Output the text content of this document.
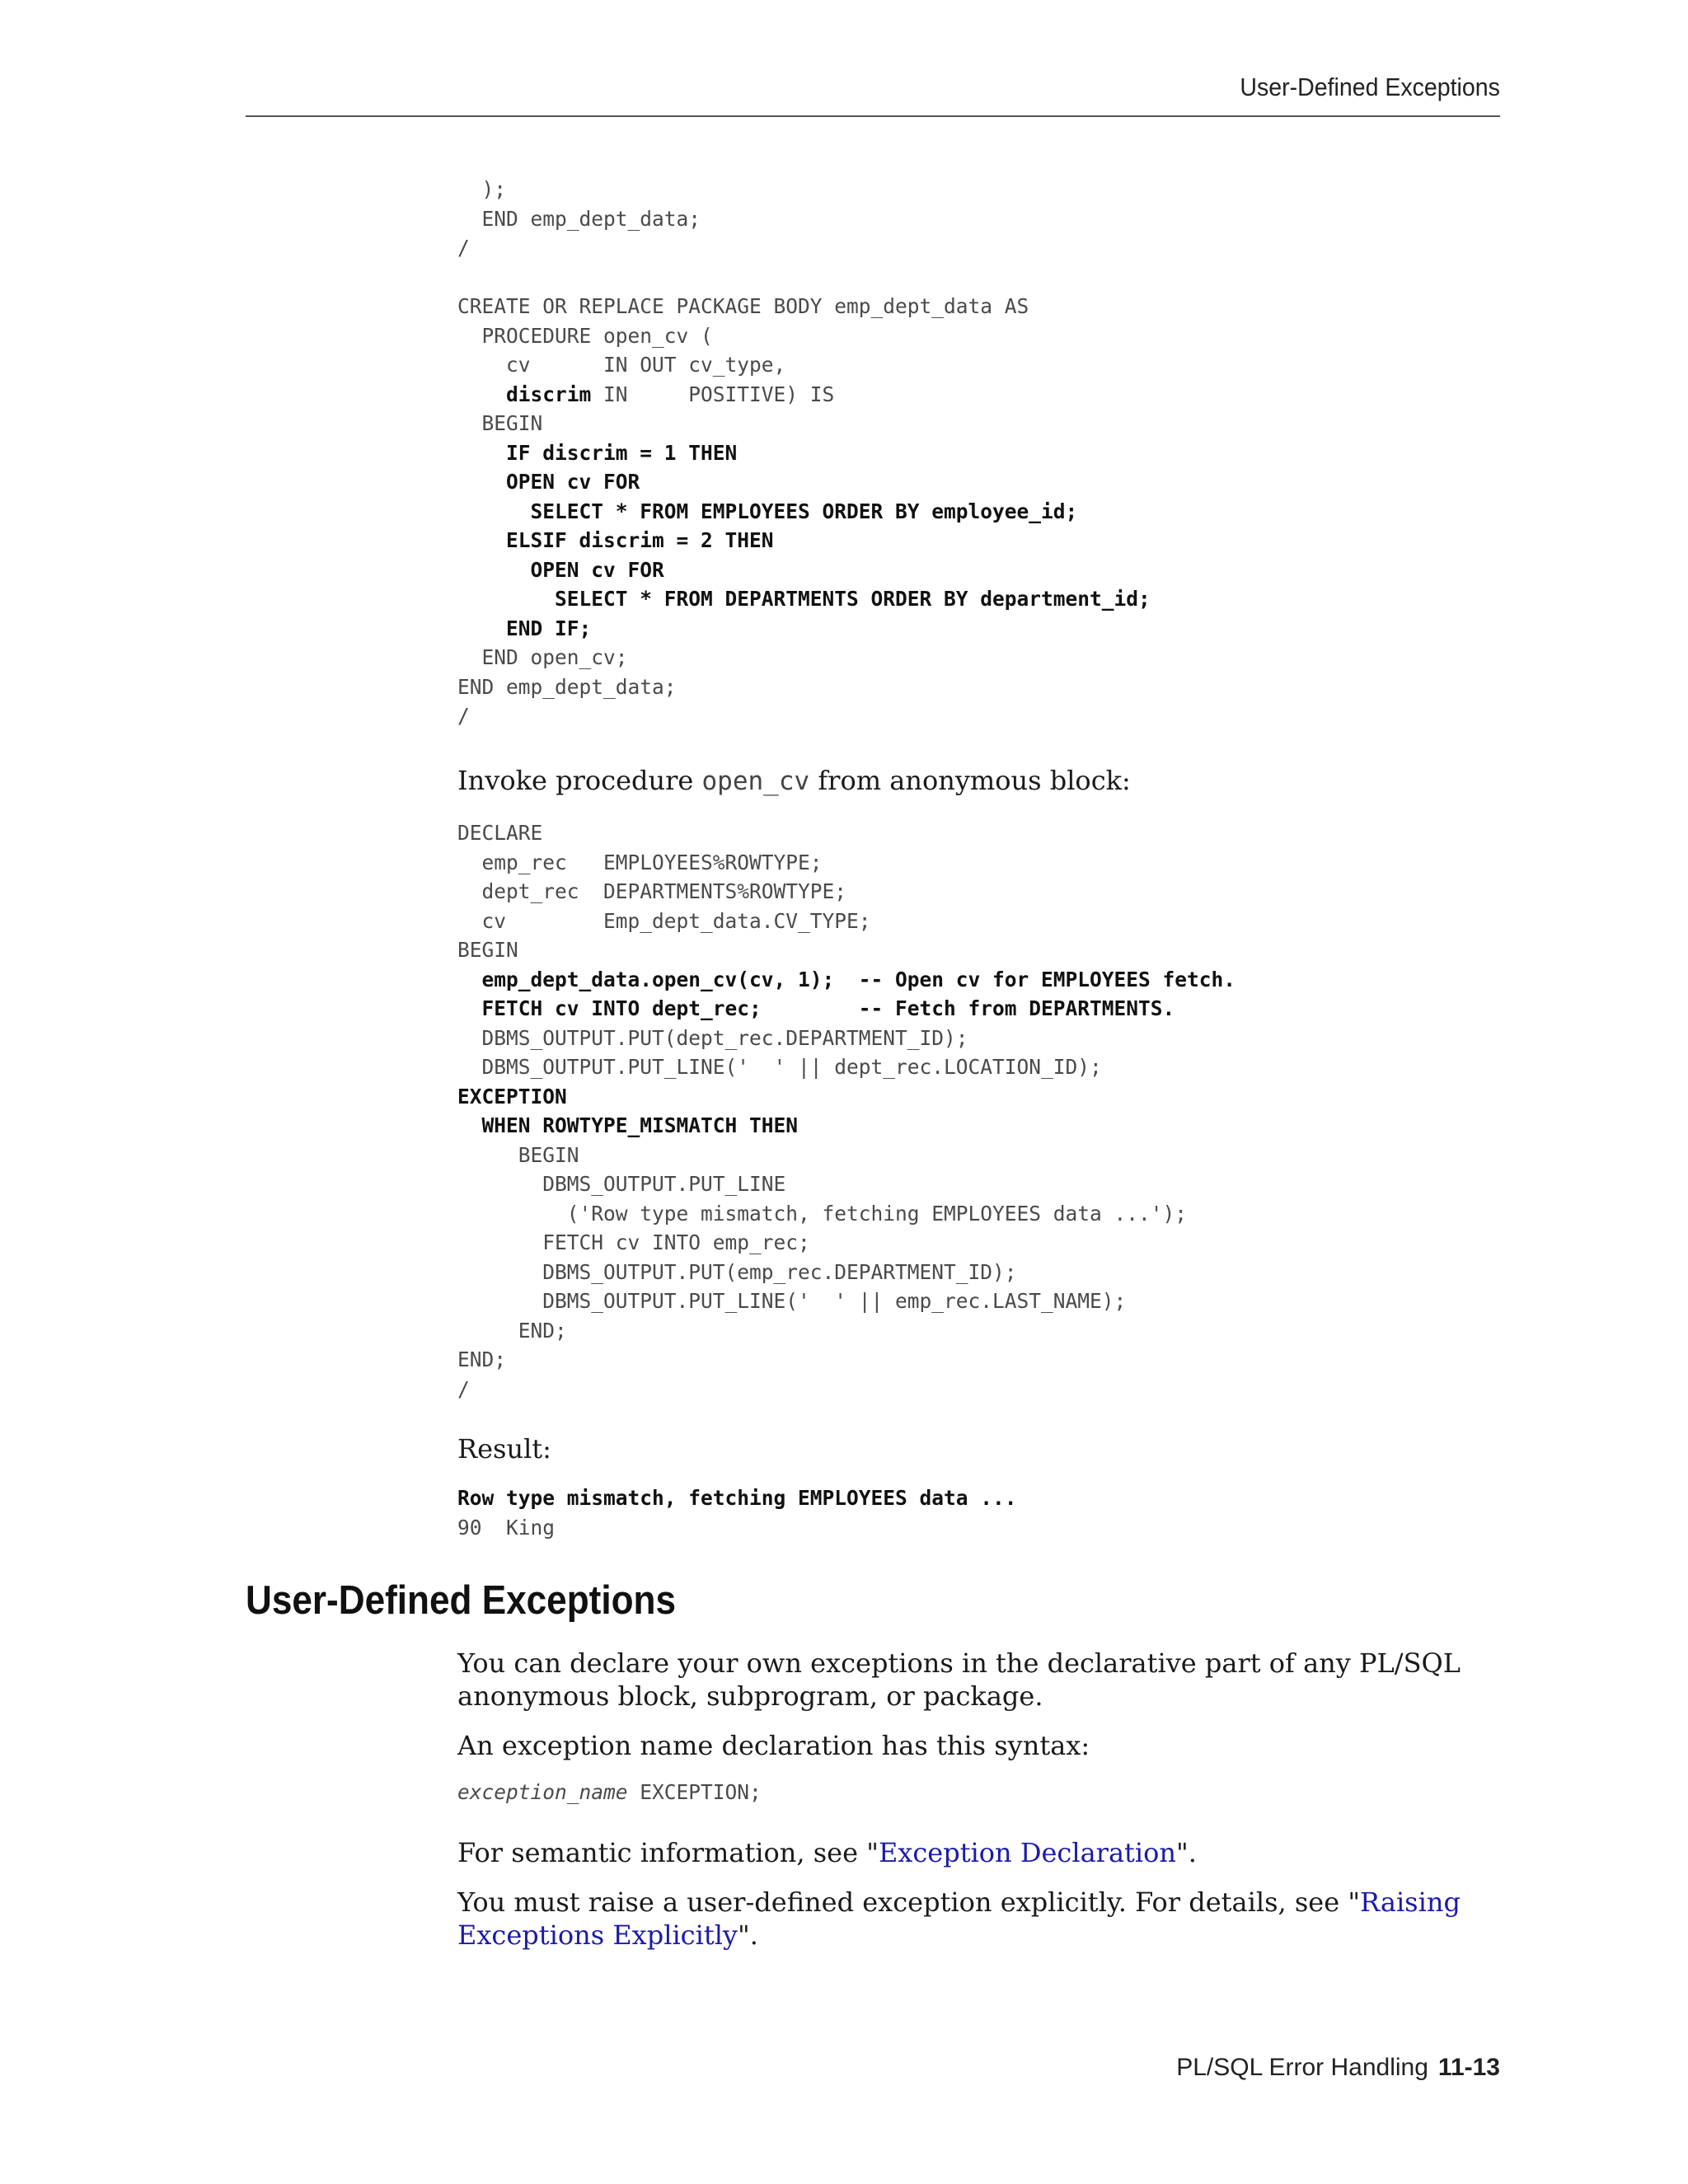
User-Defined Exceptions
);
END emp_dept_data;
/
CREATE OR REPLACE PACKAGE BODY emp_dept_data AS
PROCEDURE open_cv (
cv      IN OUT cv_type,
discrim IN     POSITIVE) IS
BEGIN
IF discrim = 1 THEN
OPEN cv FOR
SELECT * FROM EMPLOYEES ORDER BY employee_id;
ELSIF discrim = 2 THEN
OPEN cv FOR
SELECT * FROM DEPARTMENTS ORDER BY department_id;
END IF;
END open_cv;
END emp_dept_data;
/

Invoke procedure open_cv from anonymous block:

DECLARE
emp_rec   EMPLOYEES%ROWTYPE;
dept_rec  DEPARTMENTS%ROWTYPE;
cv        Emp_dept_data.CV_TYPE;
BEGIN
emp_dept_data.open_cv(cv, 1);  -- Open cv for EMPLOYEES fetch.
FETCH cv INTO dept_rec;        -- Fetch from DEPARTMENTS.
DBMS_OUTPUT.PUT(dept_rec.DEPARTMENT_ID);
DBMS_OUTPUT.PUT_LINE('  ' || dept_rec.LOCATION_ID);
EXCEPTION
WHEN ROWTYPE_MISMATCH THEN
BEGIN
DBMS_OUTPUT.PUT_LINE
('Row type mismatch, fetching EMPLOYEES data ...');
FETCH cv INTO emp_rec;
DBMS_OUTPUT.PUT(emp_rec.DEPARTMENT_ID);
DBMS_OUTPUT.PUT_LINE('  ' || emp_rec.LAST_NAME);
END;
END;
/

Result:

Row type mismatch, fetching EMPLOYEES data ...
90  King
User-Defined Exceptions

You can declare your own exceptions in the declarative part of any PL/SQL anonymous block, subprogram, or package.

An exception name declaration has this syntax:

exception_name EXCEPTION;

For semantic information, see "Exception Declaration".

You must raise a user-defined exception explicitly. For details, see "Raising Exceptions Explicitly".

PL/SQL Error Handling 11-13
